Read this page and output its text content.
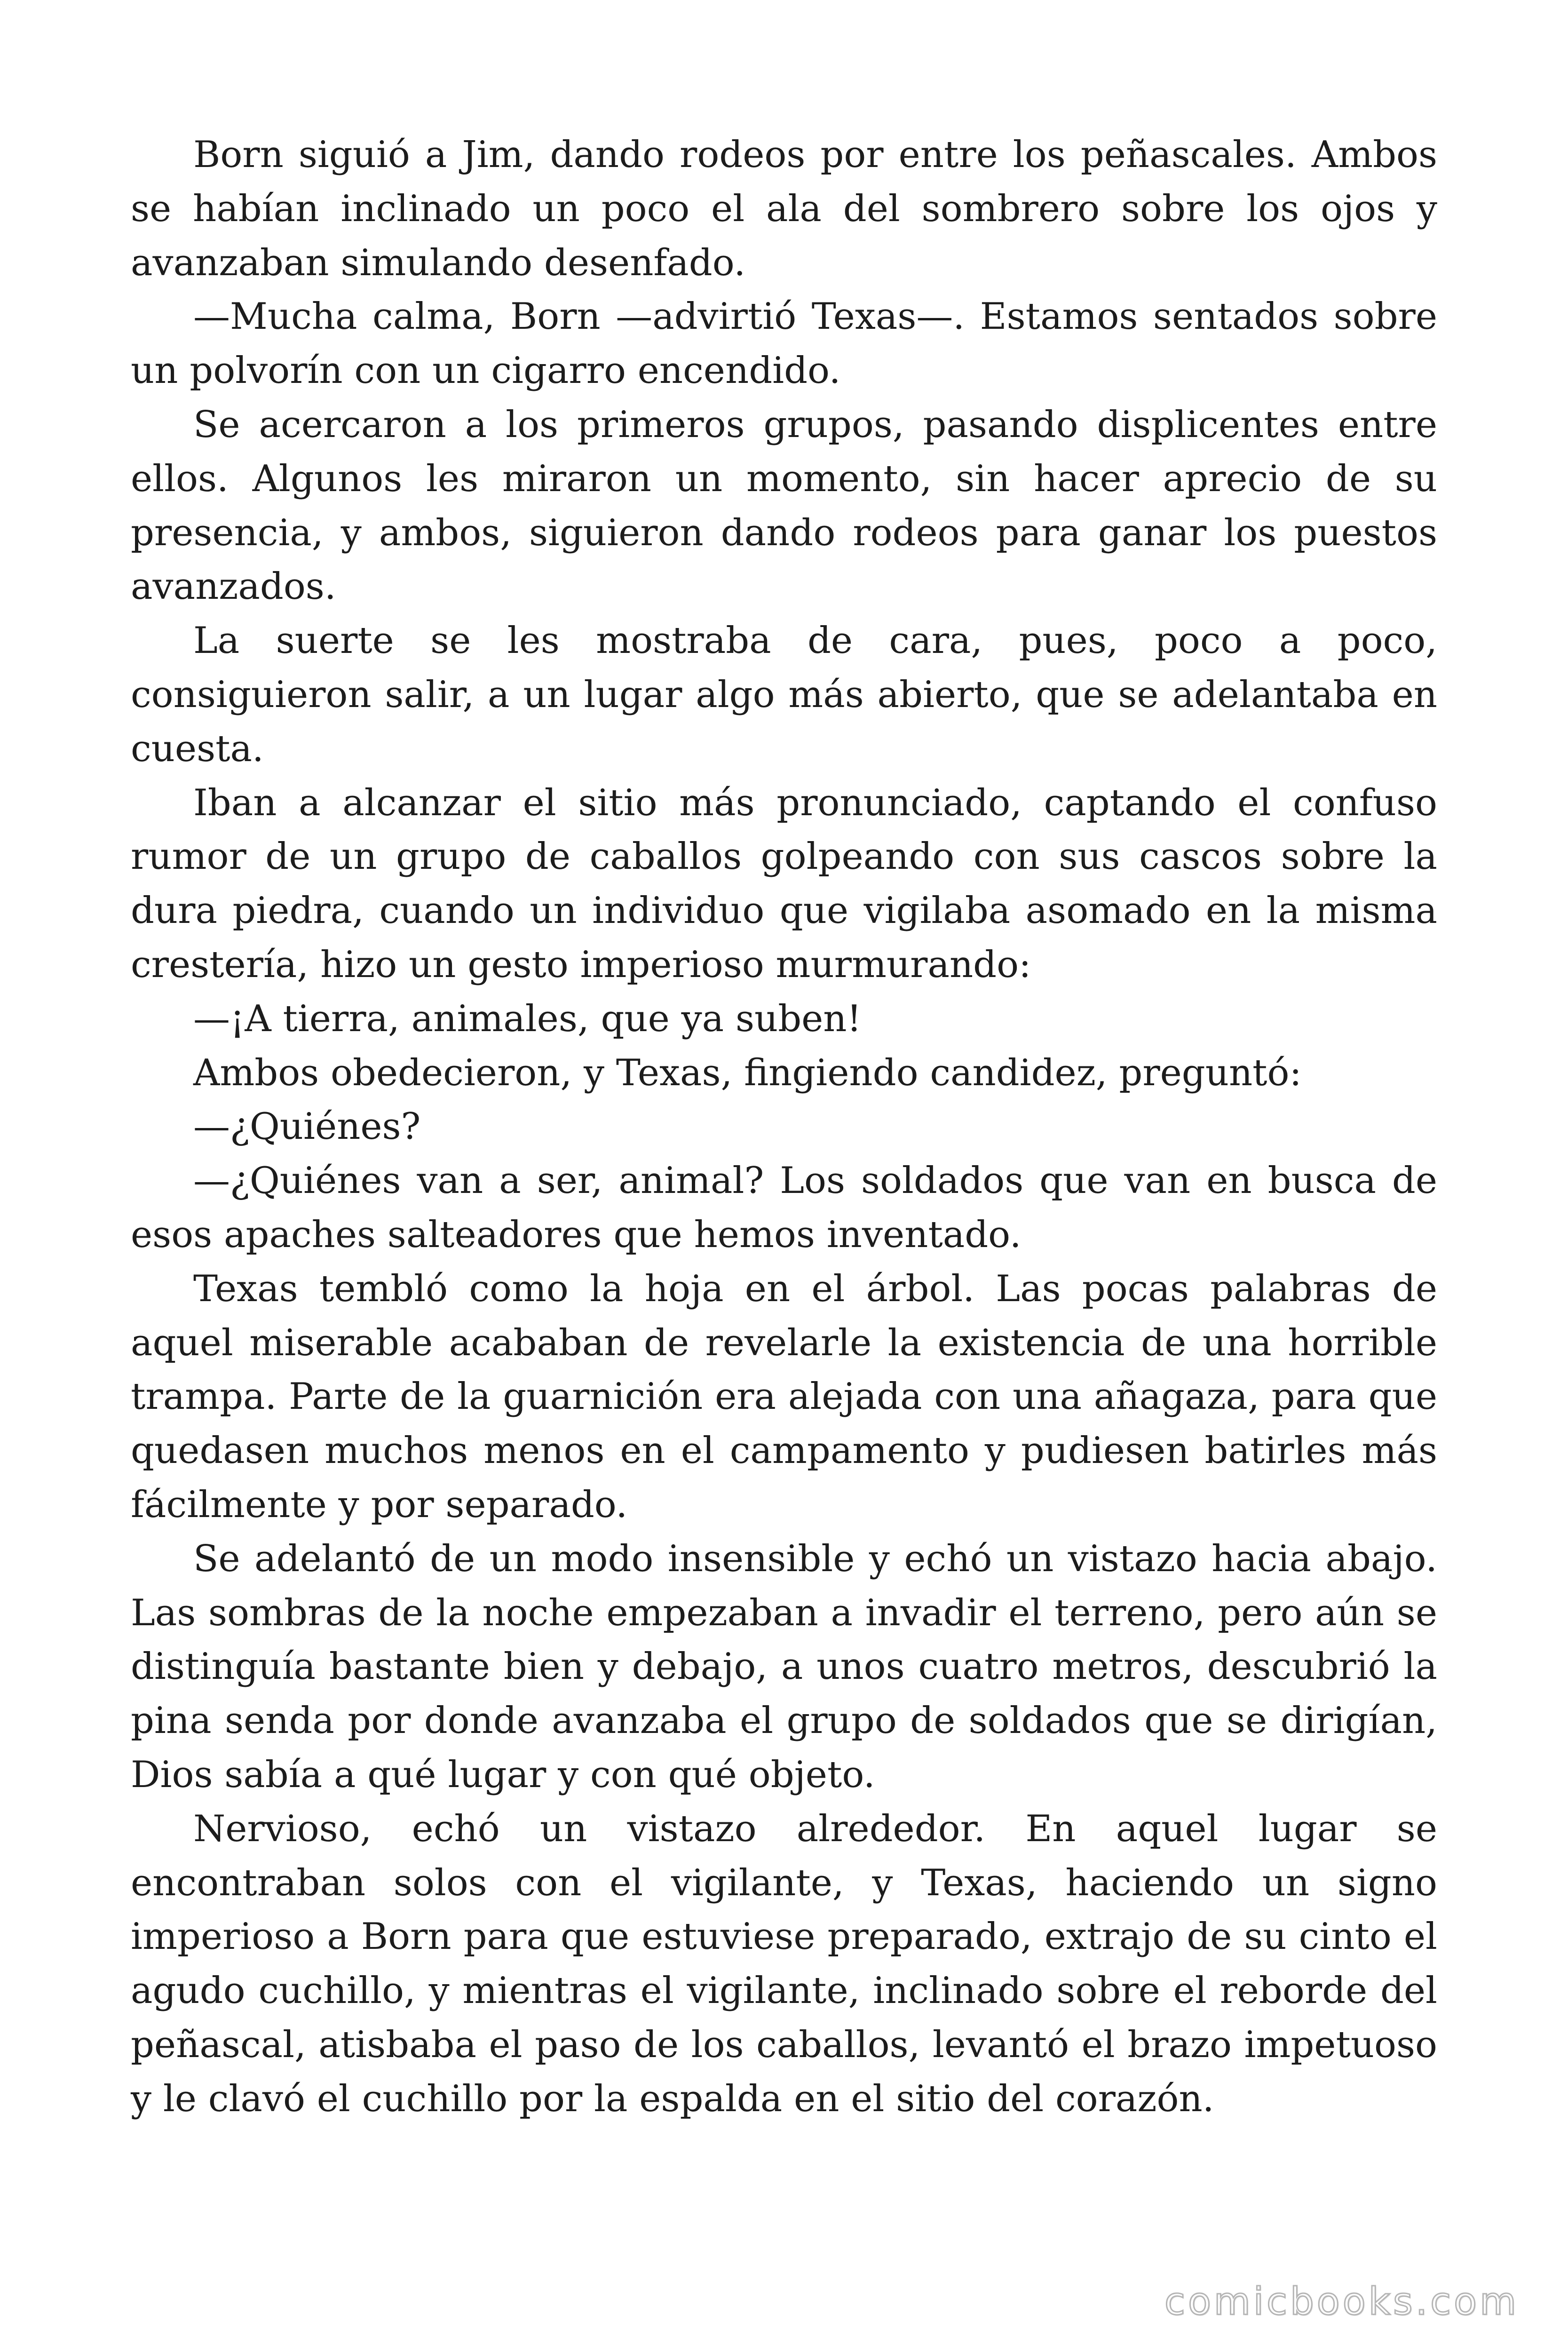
Born siguió a Jim, dando rodeos por entre los peñascales. Ambos se habían inclinado un poco el ala del sombrero sobre los ojos y avanzaban simulando desenfado.

—Mucha calma, Born —advirtió Texas—. Estamos sentados sobre un polvorín con un cigarro encendido.

Se acercaron a los primeros grupos, pasando displicentes entre ellos. Algunos les miraron un momento, sin hacer aprecio de su presencia, y ambos, siguieron dando rodeos para ganar los puestos avanzados.

La suerte se les mostraba de cara, pues, poco a poco, consiguieron salir, a un lugar algo más abierto, que se adelantaba en cuesta.

Iban a alcanzar el sitio más pronunciado, captando el confuso rumor de un grupo de caballos golpeando con sus cascos sobre la dura piedra, cuando un individuo que vigilaba asomado en la misma crestería, hizo un gesto imperioso murmurando:

—¡A tierra, animales, que ya suben!

Ambos obedecieron, y Texas, fingiendo candidez, preguntó:

—¿Quiénes?

—¿Quiénes van a ser, animal? Los soldados que van en busca de esos apaches salteadores que hemos inventado.

Texas tembló como la hoja en el árbol. Las pocas palabras de aquel miserable acababan de revelarle la existencia de una horrible trampa. Parte de la guarnición era alejada con una añagaza, para que quedasen muchos menos en el campamento y pudiesen batirles más fácilmente y por separado.

Se adelantó de un modo insensible y echó un vistazo hacia abajo. Las sombras de la noche empezaban a invadir el terreno, pero aún se distinguía bastante bien y debajo, a unos cuatro metros, descubrió la pina senda por donde avanzaba el grupo de soldados que se dirigían, Dios sabía a qué lugar y con qué objeto.

Nervioso, echó un vistazo alrededor. En aquel lugar se encontraban solos con el vigilante, y Texas, haciendo un signo imperioso a Born para que estuviese preparado, extrajo de su cinto el agudo cuchillo, y mientras el vigilante, inclinado sobre el reborde del peñascal, atisbaba el paso de los caballos, levantó el brazo impetuoso y le clavó el cuchillo por la espalda en el sitio del corazón.

comicbooks.com
